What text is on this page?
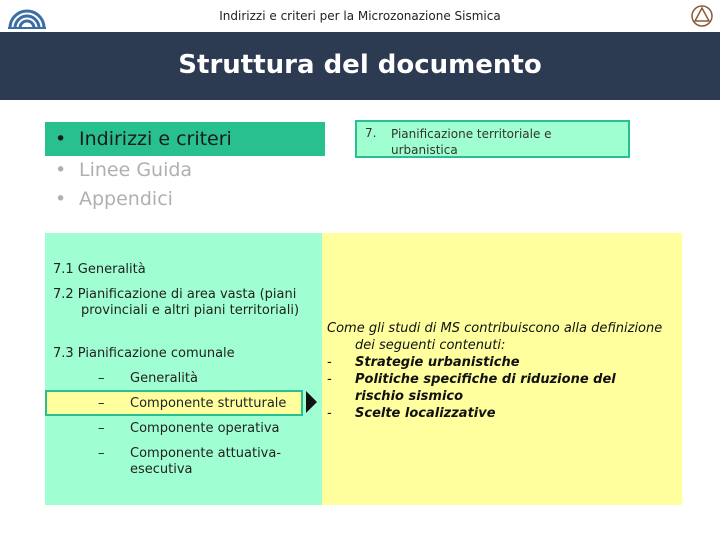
Indirizzi e criteri per la Microzonazione Sismica
Struttura del documento
• Indirizzi e criteri
• Linee Guida
• Appendici
7. Pianificazione territoriale e urbanistica
7.1 Generalità
7.2 Pianificazione di area vasta (piani provinciali e altri piani territoriali)
7.3 Pianificazione comunale
– Generalità
– Componente strutturale
– Componente operativa
– Componente attuativa-esecutiva
Come gli studi di MS contribuiscono alla definizione dei seguenti contenuti:
- Strategie urbanistiche
- Politiche specifiche di riduzione del rischio sismico
- Scelte localizzative
